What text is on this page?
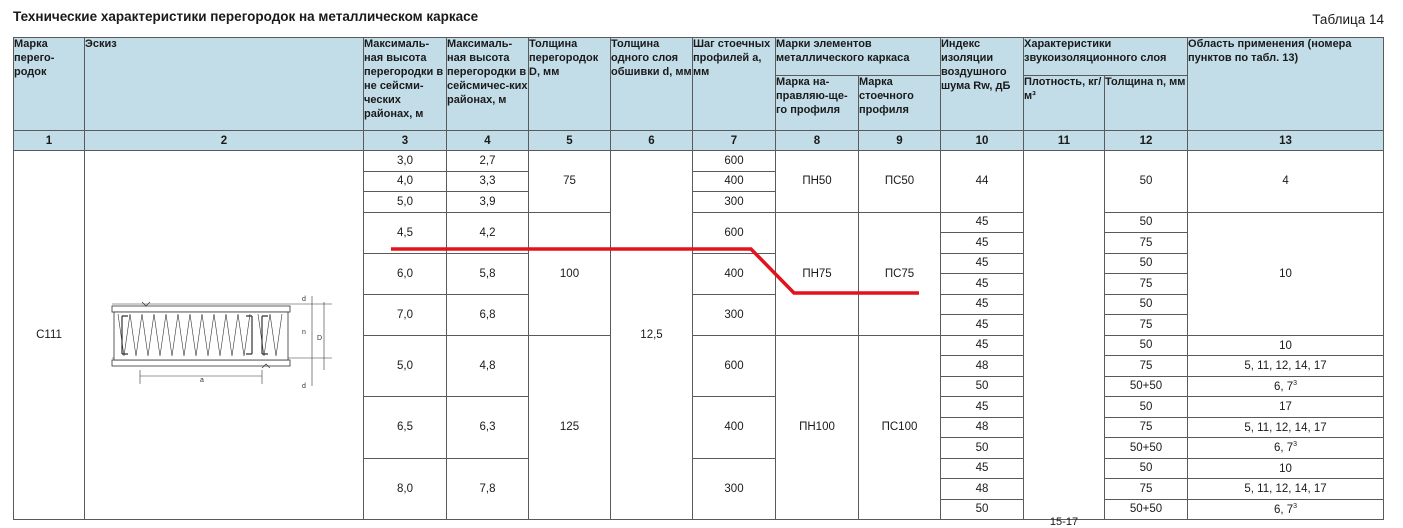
Технические характеристики перегородок на металлическом каркасе	Таблица 14
Марка перего-родок	Эскиз	Максималь-ная высота перегородки в не сейсми-ческих районах, м	Максималь-ная высота перегородки в сейсмичес-ких районах, м	Толщина перегородок D, мм	Толщина одного слоя обшивки d, мм	Шаг стоечных профилей a, мм	Марки элементов металлического каркаса		Индекс изоляции воздушного шума Rw, дБ	Характеристики звукоизоляционного слоя		Область применения (номера пунктов по табл. 13)
							Марка на-правляю-ще-го профиля	Марка стоечного профиля		Плотность, кг/м³	Толщина n, мм	
1	2	3	4	5	6	7	8	9	10	11	12	13
С111		3,0	2,7	75	12,5	600	ПН50	ПС50	44	15-17	50	4
		4,0	3,3			400						
		5,0	3,9			300						
		4,5	4,2	100		600	ПН75	ПС75	45		50	10
									45		75	
		6,0	5,8			400			45		50	
									45		75	
		7,0	6,8			300			45		50	
									45		75	
		5,0	4,8	125		600	ПН100	ПС100	45		50	10
									48		75	5, 11, 12, 14, 17
									50		50+50	6, $7^3$
		6,5	6,3			400			45		50	17
									48		75	5, 11, 12, 14, 17
									50		50+50	6, $7^3$
		8,0	7,8			300			45		50	10
									48		75	5, 11, 12, 14, 17
									50		50+50	6, $7^3$
a
d
n
D
d
